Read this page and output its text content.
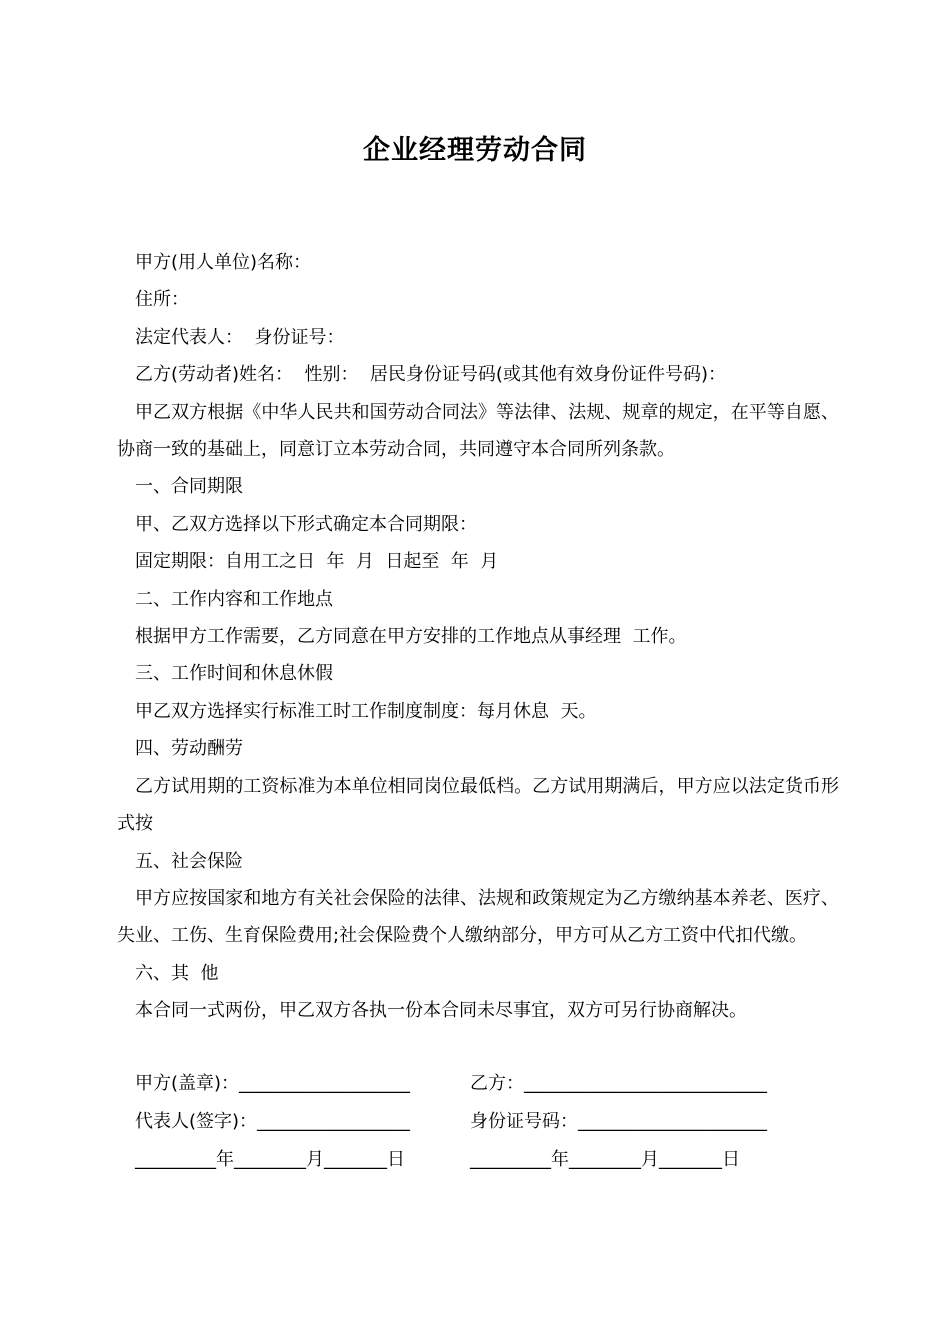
企业经理劳动合同

甲方(用人单位)名称：

住所：

法定代表人：  身份证号：

乙方(劳动者)姓名：  性别：  居民身份证号码(或其他有效身份证件号码)：

甲乙双方根据《中华人民共和国劳动合同法》等法律、法规、规章的规定，在平等自愿、协商一致的基础上，同意订立本劳动合同，共同遵守本合同所列条款。

一、合同期限

甲、乙双方选择以下形式确定本合同期限：

固定期限：自用工之日  年  月  日起至  年  月

二、工作内容和工作地点

根据甲方工作需要，乙方同意在甲方安排的工作地点从事经理  工作。

三、工作时间和休息休假

甲乙双方选择实行标准工时工作制度制度：每月休息  天。

四、劳动酬劳

乙方试用期的工资标准为本单位相同岗位最低档。乙方试用期满后，甲方应以法定货币形式按

五、社会保险

甲方应按国家和地方有关社会保险的法律、法规和政策规定为乙方缴纳基本养老、医疗、失业、工伤、生育保险费用;社会保险费个人缴纳部分，甲方可从乙方工资中代扣代缴。

六、其  他

本合同一式两份，甲乙双方各执一份本合同未尽事宜，双方可另行协商解决。

甲方(盖章)：___________________	乙方：___________________________
代表人(签字)：_________________	身份证号码：_____________________
_________年________月_______日	_________年________月_______日
